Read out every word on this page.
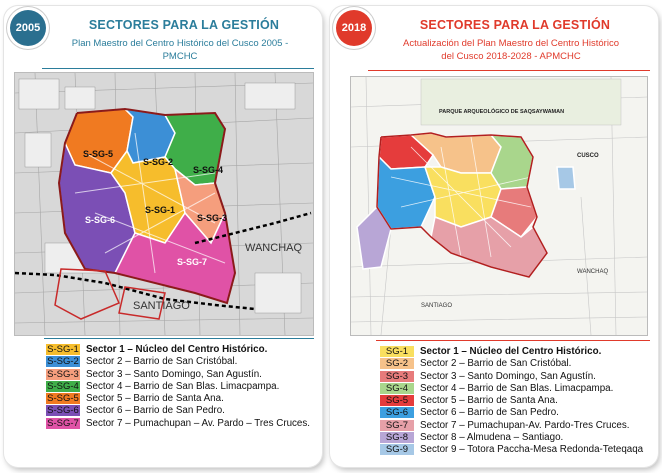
2005	SECTORES PARA LA GESTIÓN
Plan Maestro del Centro Histórico del Cusco 2005 -
PMCHC
S-SG-5
S-SG-2
S-SG-4
S-SG-6
S-SG-1
S-SG-3
S-SG-7
WANCHAQ
SANTIAGO
S-SG-1 Sector 1 – Núcleo del Centro Histórico.
S-SG-2 Sector 2 – Barrio de San Cristóbal.
S-SG-3 Sector 3 – Santo Domingo, San Agustín.
S-SG-4 Sector 4 – Barrio de San Blas. Limacpampa.
S-SG-5 Sector 5 – Barrio de Santa Ana.
S-SG-6 Sector 6 – Barrio de San Pedro.
S-SG-7 Sector 7 – Pumachupan – Av. Pardo – Tres Cruces.
2018	SECTORES PARA LA GESTIÓN
Actualización del Plan Maestro del Centro Histórico
del Cusco 2018-2028 - APMCHC
PARQUE ARQUEOLÓGICO DE SAQSAYWAMAN
CUSCO
WANCHAQ
SANTIAGO
SG-1	Sector 1 – Núcleo del Centro Histórico.
SG-2	Sector 2 – Barrio de San Cristóbal.
SG-3	Sector 3 – Santo Domingo, San Agustín.
SG-4	Sector 4 – Barrio de San Blas. Limacpampa.
SG-5	Sector 5 – Barrio de Santa Ana.
SG-6	Sector 6 – Barrio de San Pedro.
SG-7	Sector 7 – Pumachupan-Av. Pardo-Tres Cruces.
SG-8	Sector 8 – Almudena – Santiago.
SG-9	Sector 9 – Totora Paccha-Mesa Redonda-Teteqaqa
